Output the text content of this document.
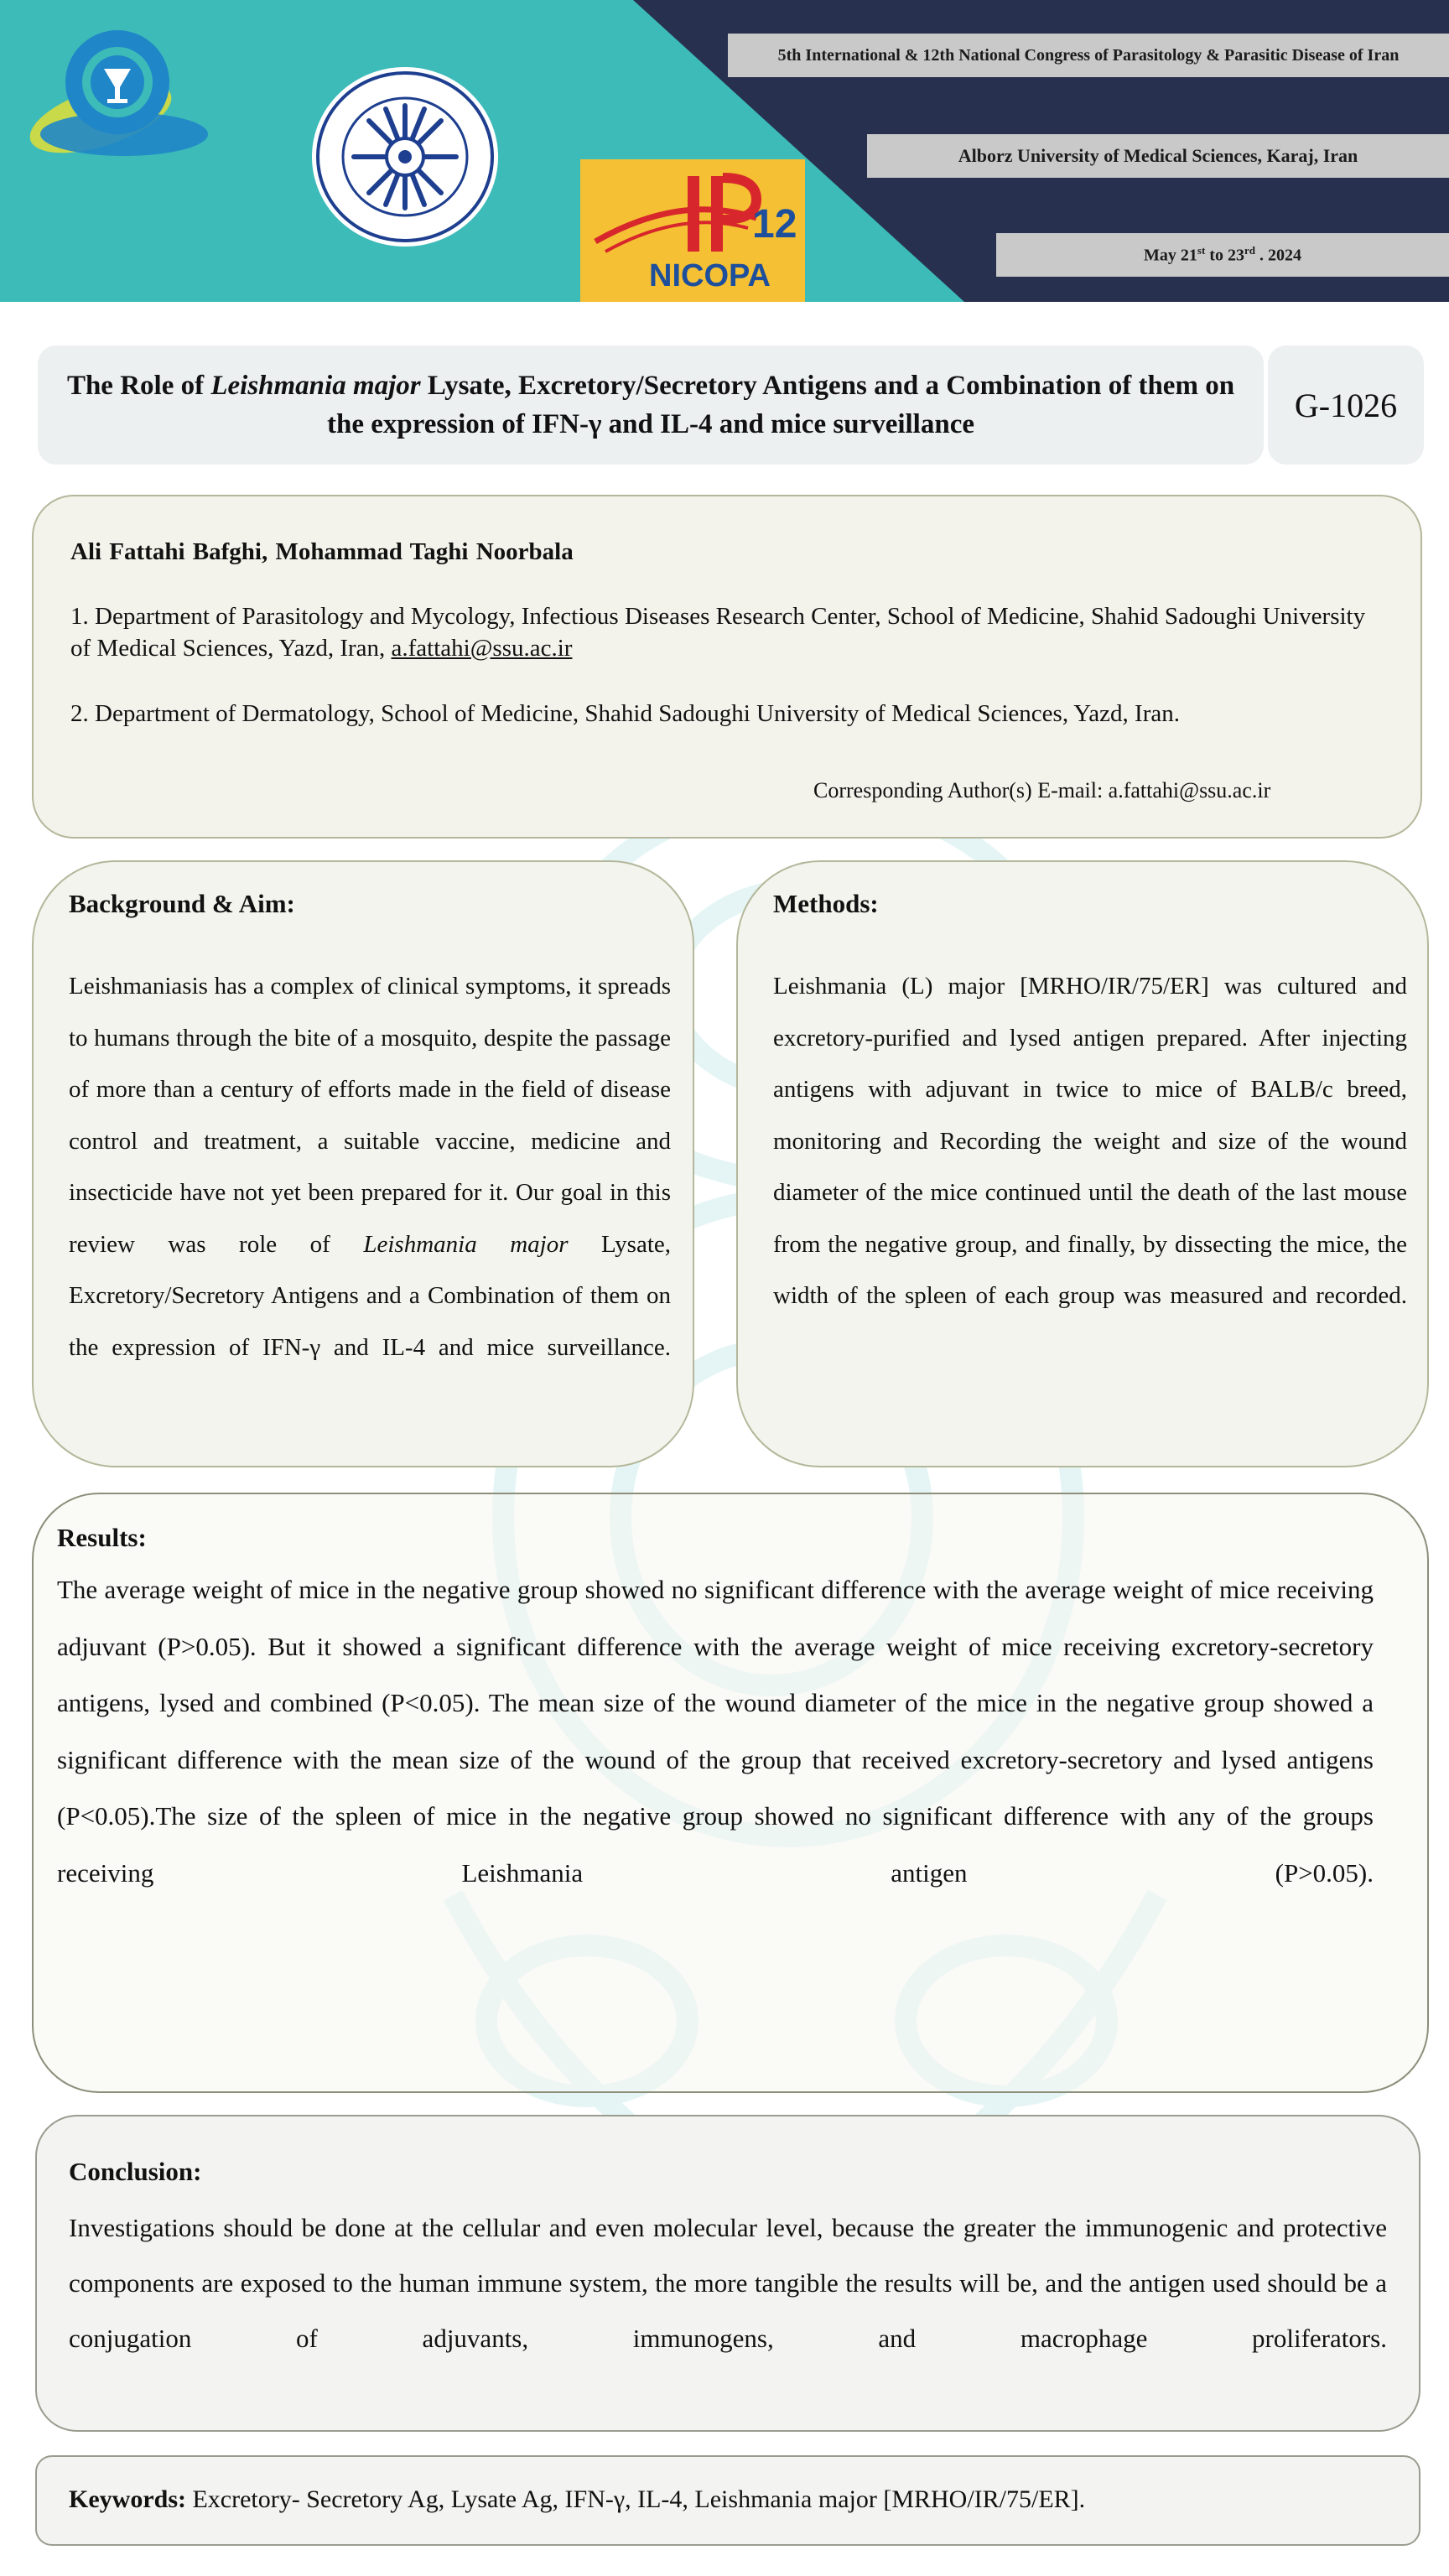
12
NICOPA
5th International & 12th National Congress of Parasitology & Parasitic Disease of Iran
Alborz University of Medical Sciences, Karaj, Iran
May 21st to 23rd . 2024
The Role of Leishmania major Lysate, Excretory/Secretory Antigens and a Combination of them on the expression of IFN-γ and IL-4 and mice surveillance
G-1026
Ali Fattahi Bafghi, Mohammad Taghi Noorbala
1. Department of Parasitology and Mycology, Infectious Diseases Research Center, School of Medicine, Shahid Sadoughi University of Medical Sciences, Yazd, Iran, a.fattahi@ssu.ac.ir
2. Department of Dermatology, School of Medicine, Shahid Sadoughi University of Medical Sciences, Yazd, Iran.
Corresponding Author(s) E-mail: a.fattahi@ssu.ac.ir
Background & Aim:
Leishmaniasis has a complex of clinical symptoms, it spreads to humans through the bite of a mosquito, despite the passage of more than a century of efforts made in the field of disease control and treatment, a suitable vaccine, medicine and insecticide have not yet been prepared for it. Our goal in this review was role of Leishmania major Lysate, Excretory/Secretory Antigens and a Combination of them on the expression of IFN-γ and IL-4 and mice surveillance.
Methods:
Leishmania (L) major [MRHO/IR/75/ER] was cultured and excretory-purified and lysed antigen prepared. After injecting antigens with adjuvant in twice to mice of BALB/c breed, monitoring and Recording the weight and size of the wound diameter of the mice continued until the death of the last mouse from the negative group, and finally, by dissecting the mice, the width of the spleen of each group was measured and recorded.
Results:
The average weight of mice in the negative group showed no significant difference with the average weight of mice receiving adjuvant (P>0.05). But it showed a significant difference with the average weight of mice receiving excretory-secretory antigens, lysed and combined (P<0.05). The mean size of the wound diameter of the mice in the negative group showed a significant difference with the mean size of the wound of the group that received excretory-secretory and lysed antigens (P<0.05).The size of the spleen of mice in the negative group showed no significant difference with any of the groups receiving Leishmania antigen (P>0.05).
Conclusion:
Investigations should be done at the cellular and even molecular level, because the greater the immunogenic and protective components are exposed to the human immune system, the more tangible the results will be, and the antigen used should be a conjugation of adjuvants, immunogens, and macrophage proliferators.
Keywords: Excretory- Secretory Ag, Lysate Ag, IFN-γ, IL-4, Leishmania major [MRHO/IR/75/ER].
